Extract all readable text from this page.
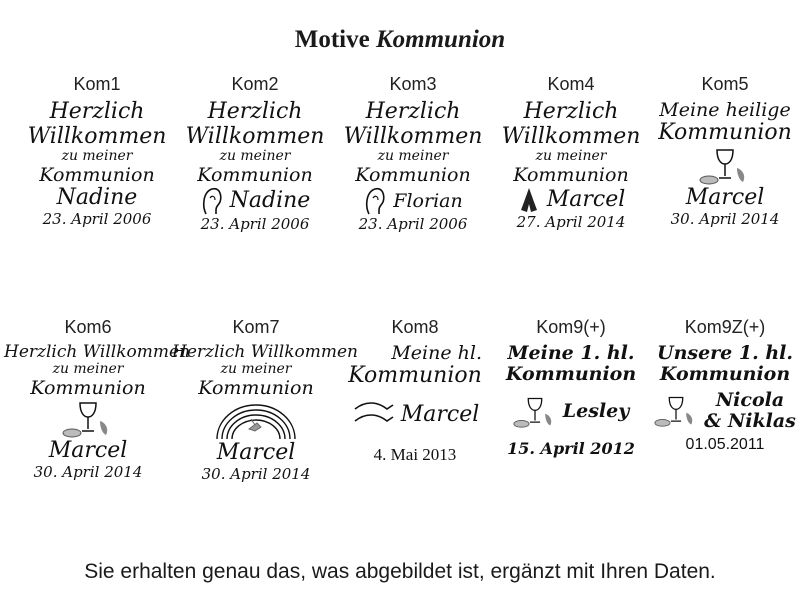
Motive Kommunion
Kom1
Herzlich
Willkommen
zu meiner
Kommunion
Nadine
23. April 2006
Kom2
Herzlich
Willkommen
zu meiner
Kommunion
Nadine
23. April 2006
Kom3
Herzlich
Willkommen
zu meiner
Kommunion
Florian
23. April 2006
Kom4
Herzlich
Willkommen
zu meiner
Kommunion
Marcel
27. April 2014
Kom5
Meine heilige
Kommunion
Marcel
30. April 2014
Kom6
Herzlich Willkommen
zu meiner
Kommunion
Marcel
30. April 2014
Kom7
Herzlich Willkommen
zu meiner
Kommunion
Marcel
30. April 2014
Kom8
Meine hl.
Kommunion
Marcel
4. Mai 2013
Kom9(+)
Meine 1. hl.
Kommunion
Lesley
15. April 2012
Kom9Z(+)
Unsere 1. hl.
Kommunion
Nicola
& Niklas
01.05.2011
Sie erhalten genau das, was abgebildet ist, ergänzt mit Ihren Daten.
